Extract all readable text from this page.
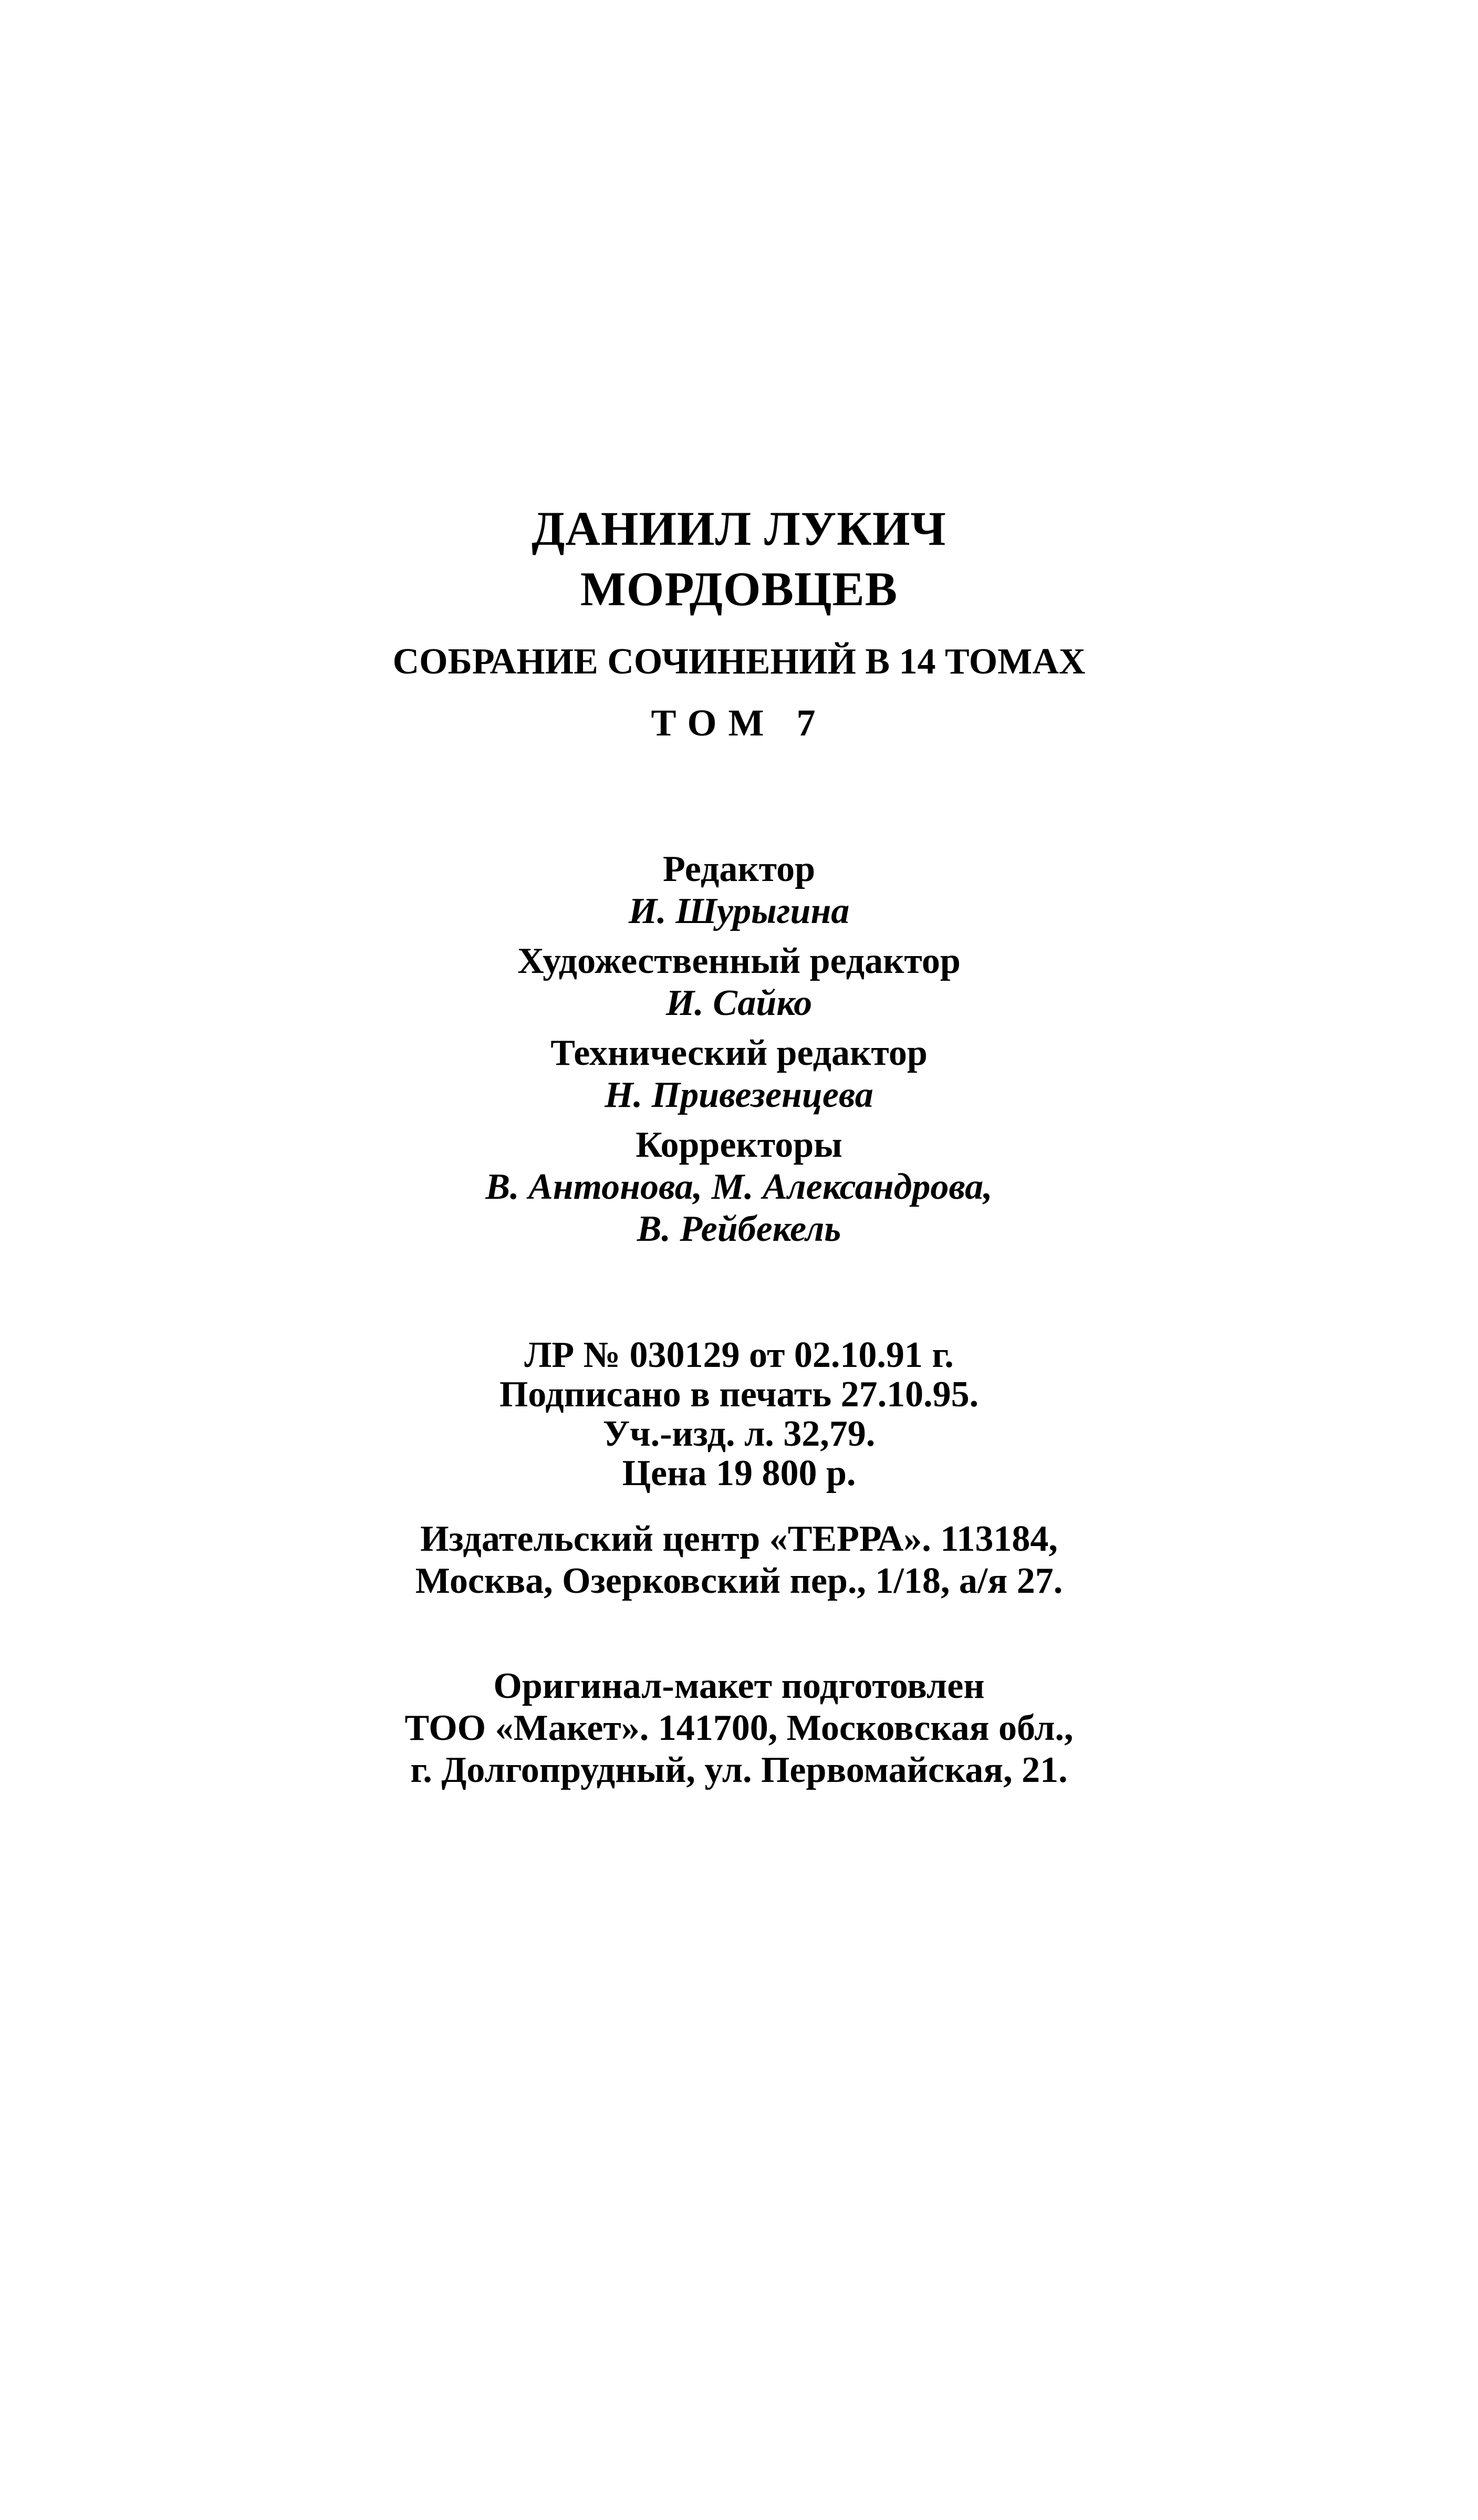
ДАНИИЛ ЛУКИЧ
МОРДОВЦЕВ
СОБРАНИЕ СОЧИНЕНИЙ В 14 ТОМАХ
ТОМ 7
Редактор
И. Шурыгина
Художественный редактор
И. Сайко
Технический редактор
Н. Привезенцева
Корректоры
В. Антонова, М. Александрова,
В. Рейбекель
ЛР № 030129 от 02.10.91 г.
Подписано в печать 27.10.95.
Уч.-изд. л. 32,79.
Цена 19 800 р.
Издательский центр «ТЕРРА». 113184,
Москва, Озерковский пер., 1/18, а/я 27.
Оригинал-макет подготовлен
ТОО «Макет». 141700, Московская обл.,
г. Долгопрудный, ул. Первомайская, 21.
